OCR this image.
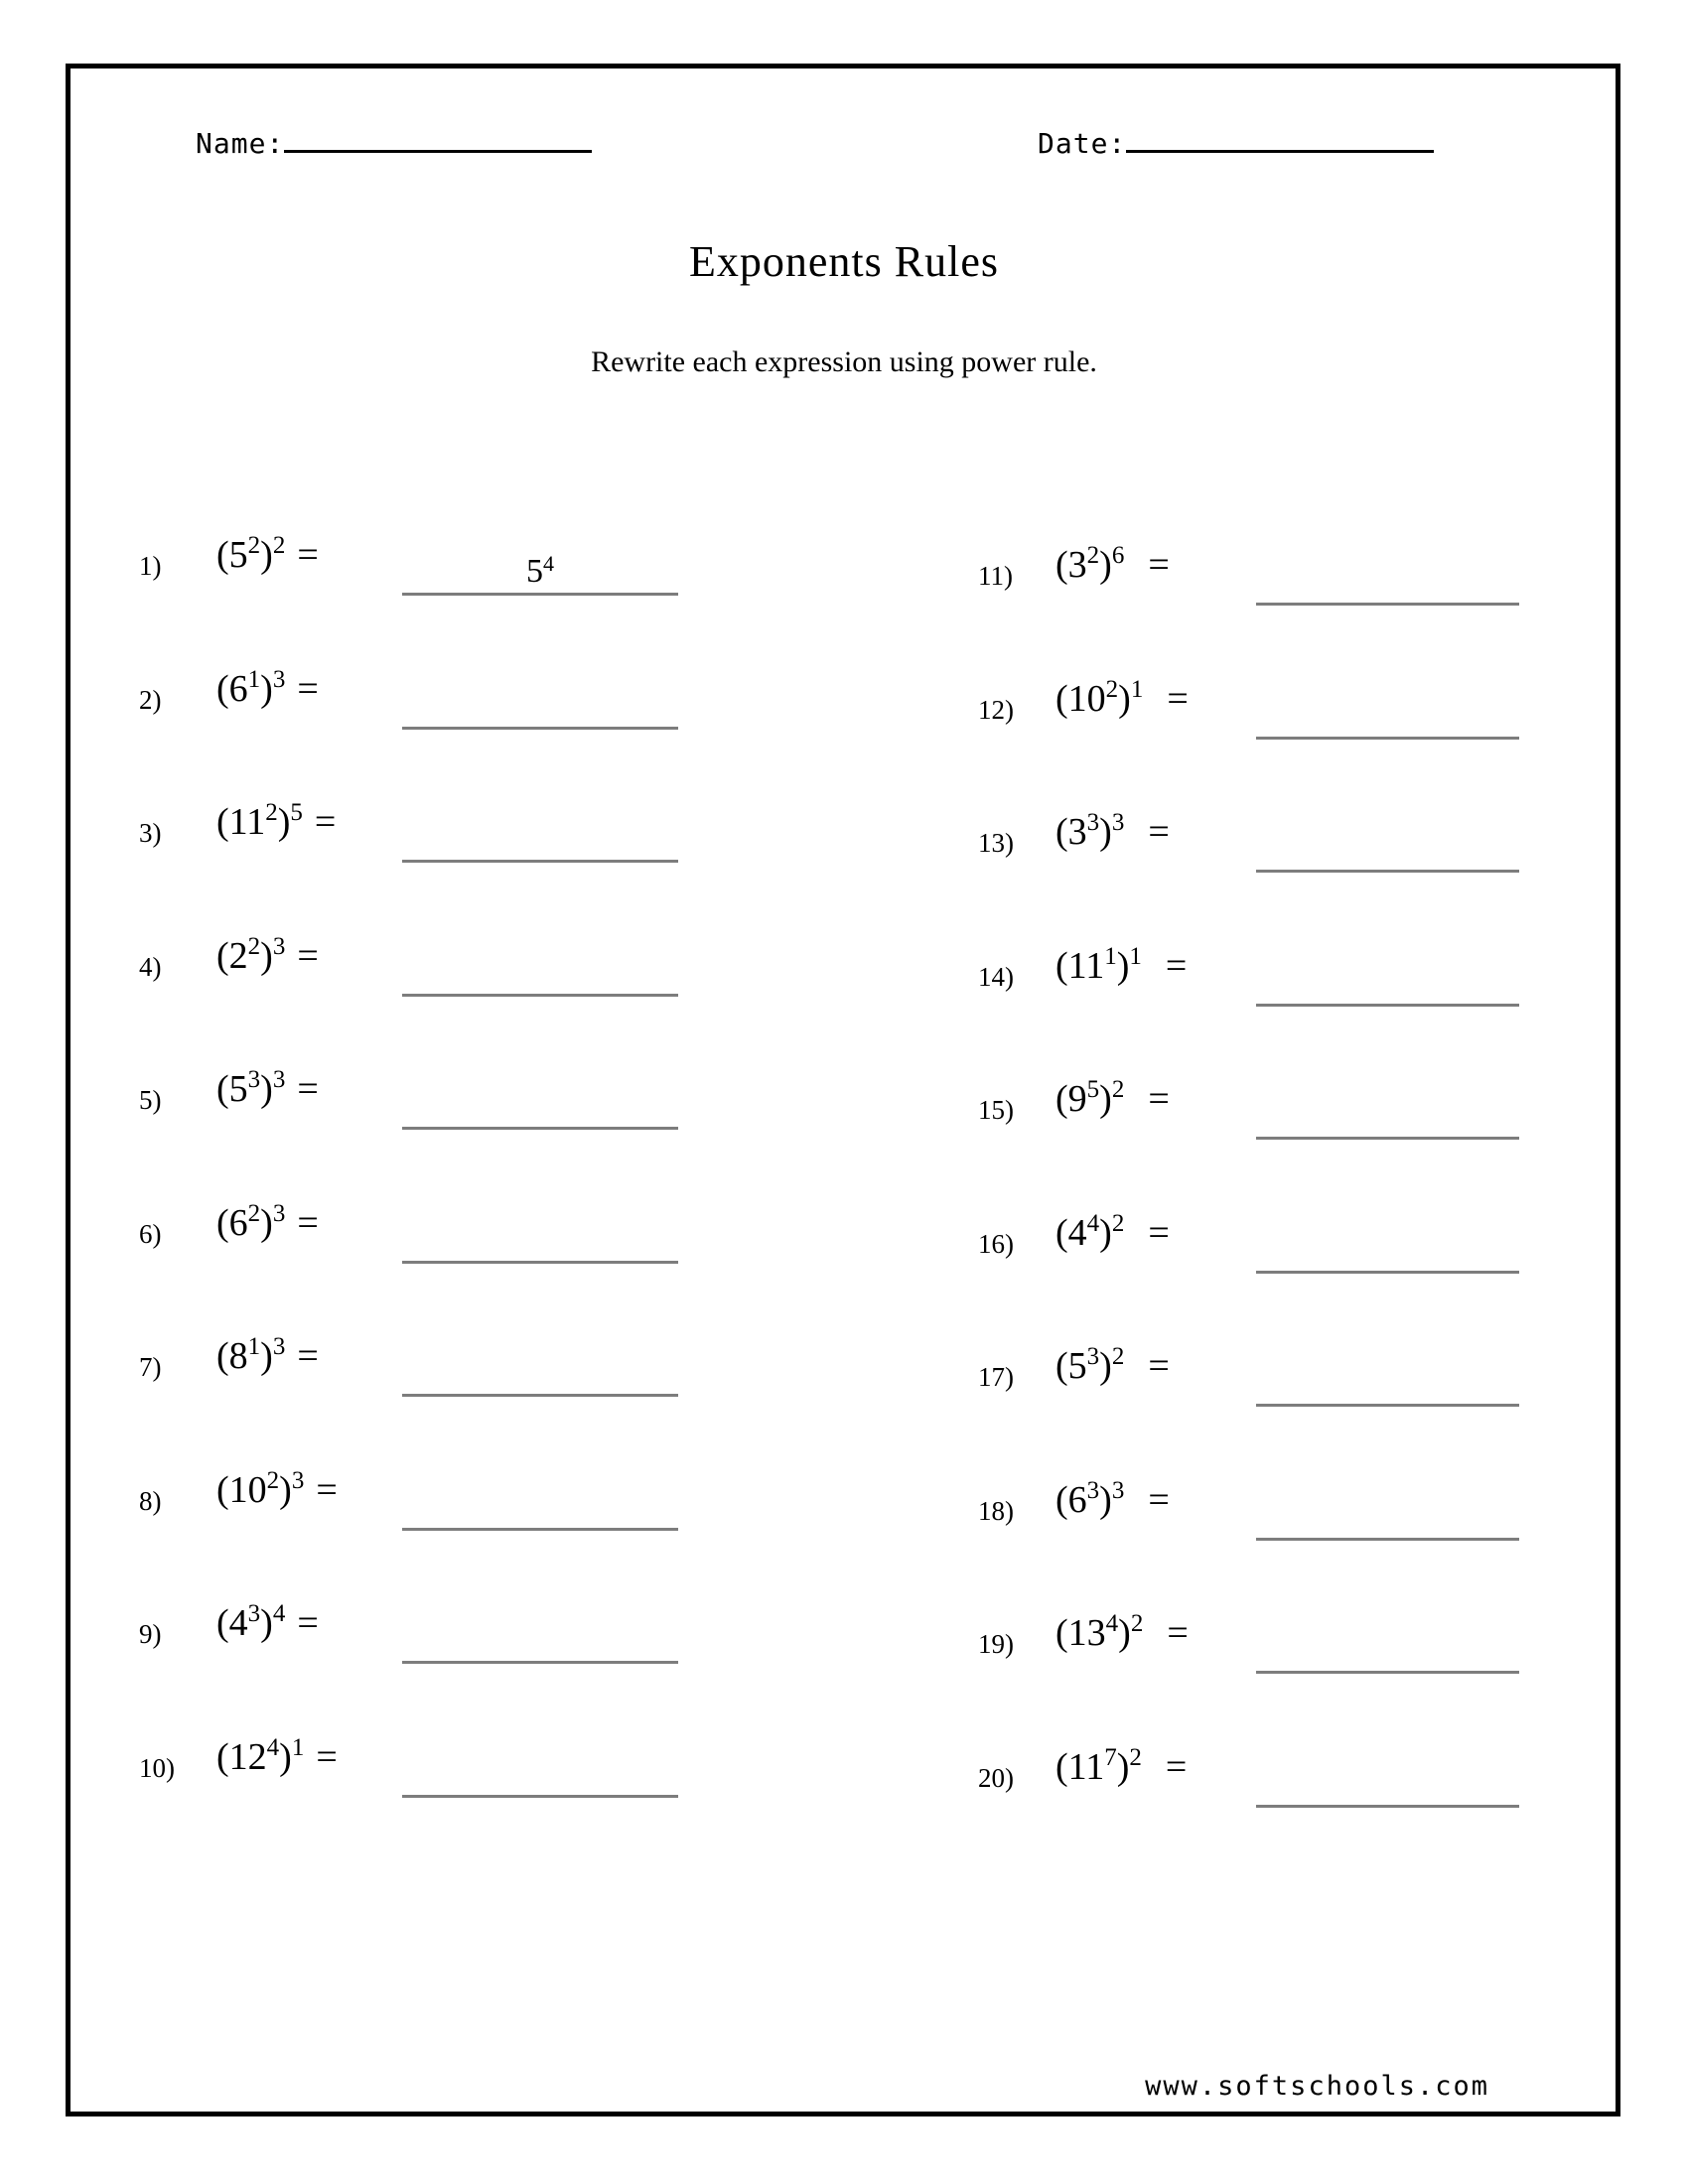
Name:	Date:
Exponents Rules
Rewrite each expression using power rule.
1) (52)2 =	54
2) (61)3 =
3) (112)5 =
4) (22)3 =
5) (53)3 =
6) (62)3 =
7) (81)3 =
8) (102)3 =
9) (43)4 =
10) (124)1 =
11) (32)6 =
12) (102)1 =
13) (33)3 =
14) (111)1 =
15) (95)2 =
16) (44)2 =
17) (53)2 =
18) (63)3 =
19) (134)2 =
20) (117)2 =
www.softschools.com
